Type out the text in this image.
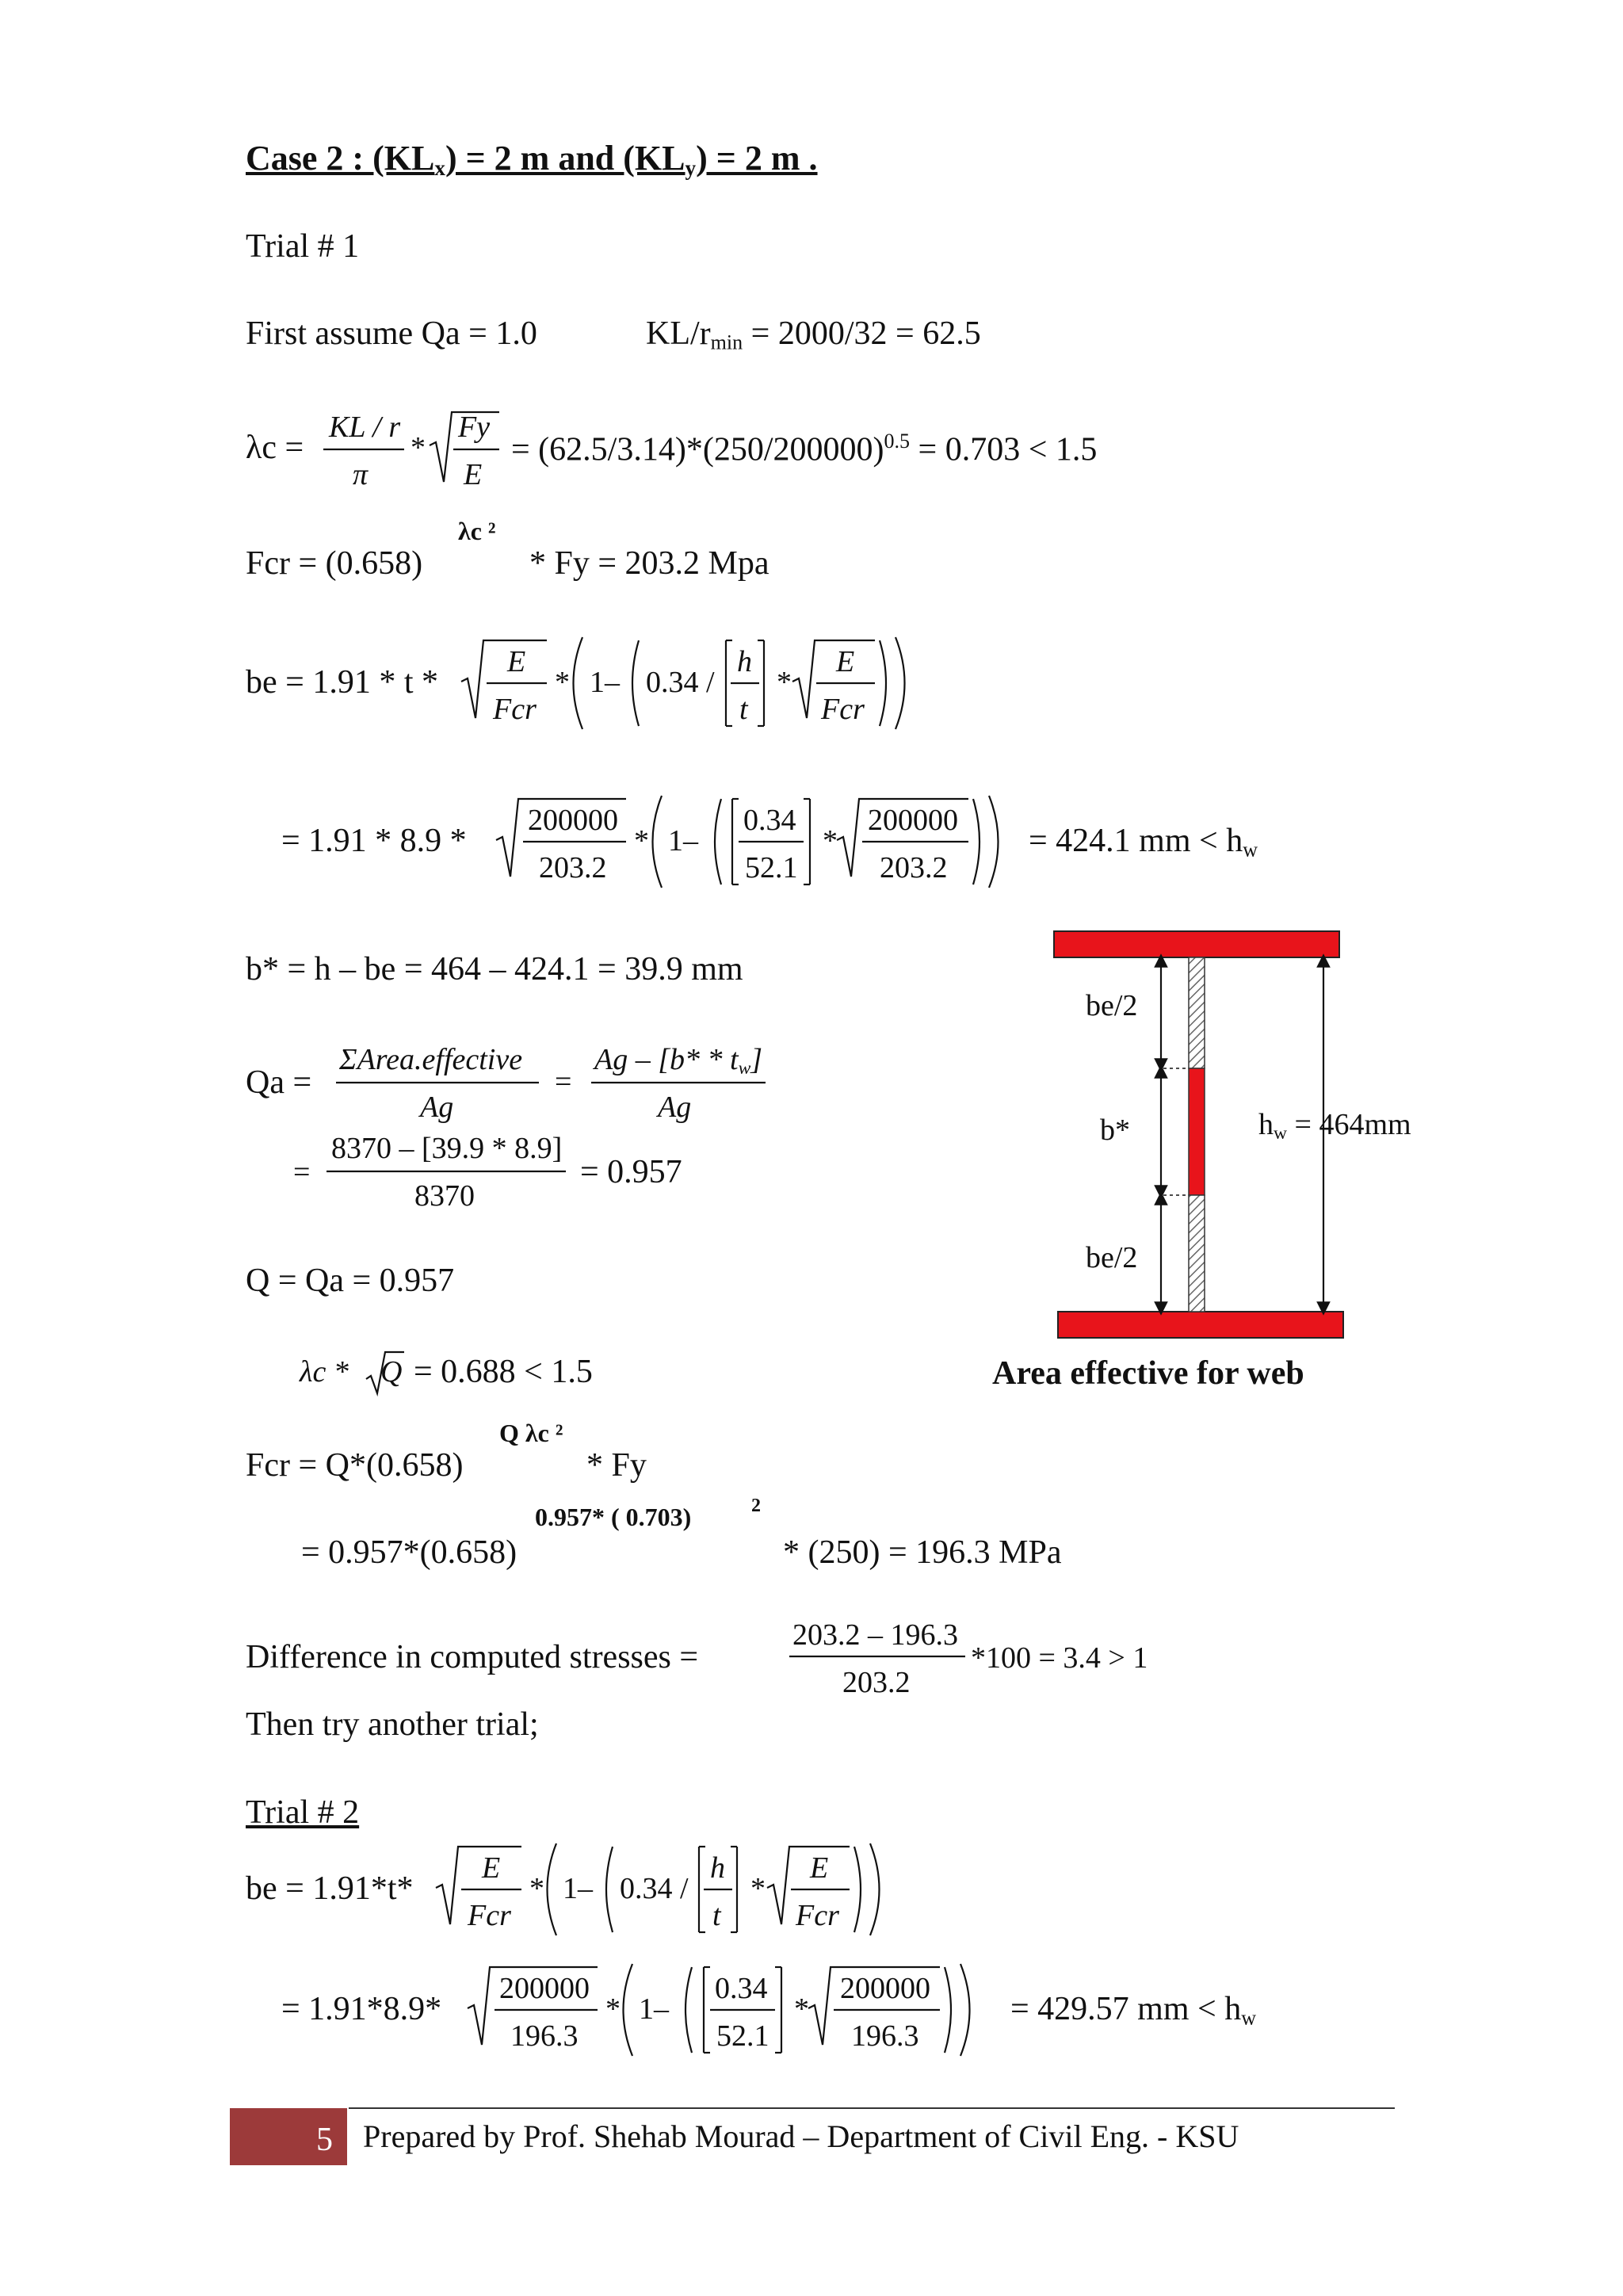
Case 2 : $(KL_x) = 2$ m and $(KL_y) = 2$ m .
Trial # 1
First assume Qa = 1.0	$KL/r_{min} = 2000/32 = 62.5$
λc =
KL / r
π
*
Fy
E
= $(62.5/3.14)*(250/200000)^{0.5} = 0.703 < 1.5$
λc ²
Fcr = (0.658)	* Fy = 203.2 Mpa
be = 1.91 * t *
E
Fcr
* 1– 0.34 /
h
t
*
E
Fcr
= 1.91 * 8.9 *
200000
203.2
* 1–
0.34
52.1
*
200000
203.2
= 424.1 mm < $h_w$
b* = h – be = 464 – 424.1 = 39.9 mm
Qa =
ΣArea.effective
Ag
=
Ag – $[b* * t_w]$
Ag
=
8370 – [39.9 * 8.9]
8370
= 0.957
Q = Qa = 0.957
λc * Q = 0.688 < 1.5
Q λc ²
Fcr = Q*(0.658)	* Fy
0.957* ( 0.703)	2
= 0.957*(0.658)	* (250) = 196.3 MPa
Difference in computed stresses =
203.2 – 196.3
203.2
*100 = 3.4 > 1
Then try another trial;
Trial # 2
be = 1.91*t*
E
Fcr
* 1– 0.34 /
h
t
*
E
Fcr
= 1.91*8.9*
200000
196.3
* 1–
0.34
52.1
*
200000
196.3
= 429.57 mm < $h_w$
be/2
b*
be/2
$h_w = 464mm$
Area effective for web
5 Prepared by Prof. Shehab Mourad – Department of Civil Eng. - KSU
